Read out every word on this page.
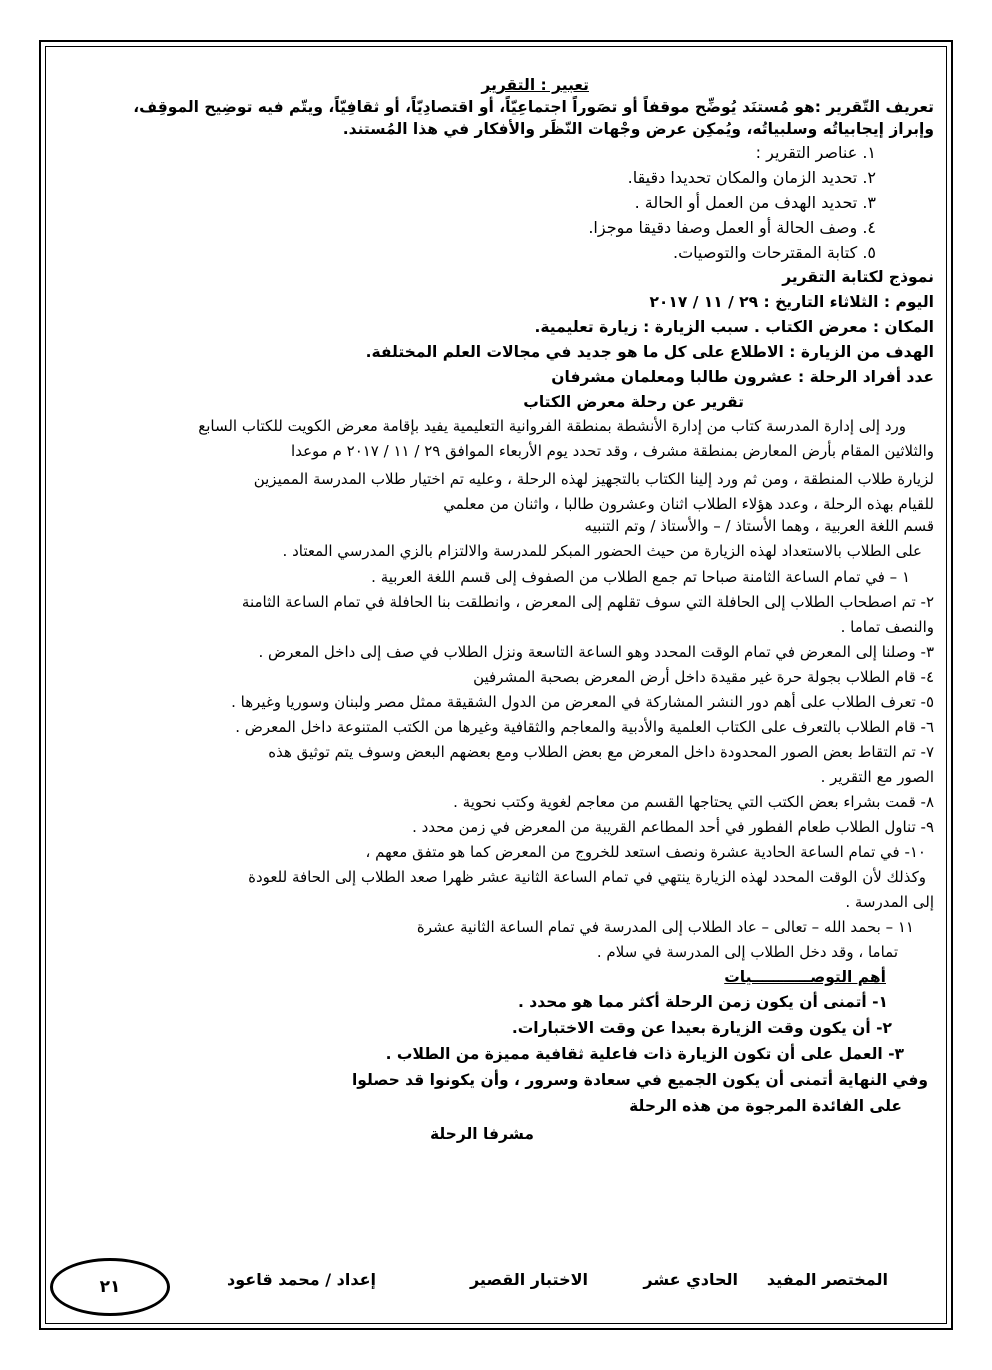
تعبير : التقرير
تعريف التّقرير :هو مُستنَد يُوضِّح موقفاً أو تصَوراً اجتماعِيّاً، أو اقتصادِيّاً، أو ثقافِيّاً، ويتّم فيه توضِيح الموقِف،
وإبراز إيجابياتُه وسلبياتُه، ويُمكِن عرض وجْهات النّظَر والأفكار في هذا المُستند.
١. عناصر التقرير :
٢. تحديد الزمان والمكان تحديدا دقيقا.
٣. تحديد الهدف من العمل أو الحالة .
٤. وصف الحالة أو العمل وصفا دقيقا موجزا.
٥. كتابة المقترحات والتوصيات.
نموذج لكتابة التقرير
اليوم : الثلاثاء التاريخ : ٢٩ / ١١ / ٢٠١٧
المكان : معرض الكتاب . سبب الزيارة : زيارة تعليمية.
الهدف من الزيارة : الاطلاع على كل ما هو جديد في مجالات العلم المختلفة.
عدد أفراد الرحلة : عشرون طالبا ومعلمان مشرفان
تقرير عن رحلة معرض الكتاب
ورد إلى إدارة المدرسة كتاب من إدارة الأنشطة بمنطقة الفروانية التعليمية يفيد بإقامة معرض الكويت للكتاب السابع
والثلاثين المقام بأرض المعارض بمنطقة مشرف ، وقد تحدد يوم الأربعاء الموافق ٢٩ / ١١ / ٢٠١٧ م موعدا
لزيارة طلاب المنطقة ، ومن ثم ورد إلينا الكتاب بالتجهيز لهذه الرحلة ، وعليه تم اختيار طلاب المدرسة المميزين
للقيام بهذه الرحلة ، وعدد هؤلاء الطلاب اثنان وعشرون طالبا ، واثنان من معلمي
قسم اللغة العربية ، وهما الأستاذ / – والأستاذ / وتم التنبيه
على الطلاب بالاستعداد لهذه الزيارة من حيث الحضور المبكر للمدرسة والالتزام بالزي المدرسي المعتاد .
١ – في تمام الساعة الثامنة صباحا تم جمع الطلاب من الصفوف إلى قسم اللغة العربية .
٢- تم اصطحاب الطلاب إلى الحافلة التي سوف تقلهم إلى المعرض ، وانطلقت بنا الحافلة في تمام الساعة الثامنة
والنصف تماما .
٣- وصلنا إلى المعرض في تمام الوقت المحدد وهو الساعة التاسعة ونزل الطلاب في صف إلى داخل المعرض .
٤- قام الطلاب بجولة حرة غير مقيدة داخل أرض المعرض بصحبة المشرفين
٥- تعرف الطلاب على أهم دور النشر المشاركة في المعرض من الدول الشقيقة ممثل مصر ولبنان وسوريا وغيرها .
٦- قام الطلاب بالتعرف على الكتاب العلمية والأدبية والمعاجم والثقافية وغيرها من الكتب المتنوعة داخل المعرض .
٧- تم التقاط بعض الصور المحدودة داخل المعرض مع بعض الطلاب ومع بعضهم البعض وسوف يتم توثيق هذه
الصور مع التقرير .
٨- قمت بشراء بعض الكتب التي يحتاجها القسم من معاجم لغوية وكتب نحوية .
٩- تناول الطلاب طعام الفطور في أحد المطاعم القريبة من المعرض في زمن محدد .
١٠- في تمام الساعة الحادية عشرة ونصف استعد للخروج من المعرض كما هو متفق معهم ،
وكذلك لأن الوقت المحدد لهذه الزيارة ينتهي في تمام الساعة الثانية عشر ظهرا صعد الطلاب إلى الحافة للعودة
إلى المدرسة .
١١ – بحمد الله – تعالى – عاد الطلاب إلى المدرسة في تمام الساعة الثانية عشرة
تماما ، وقد دخل الطلاب إلى المدرسة في سلام .
أهم التوصـــــــــــيات
١- أتمنى أن يكون زمن الرحلة أكثر مما هو محدد .
٢- أن يكون وقت الزيارة بعيدا عن وقت الاختبارات.
٣- العمل على أن تكون الزيارة ذات فاعلية ثقافية مميزة من الطلاب .
وفي النهاية أتمنى أن يكون الجميع في سعادة وسرور ، وأن يكونوا قد حصلوا
على الفائدة المرجوة من هذه الرحلة
مشرفا الرحلة
المختصر المفيد
الحادي عشر
الاختبار القصير
إعداد / محمد قاعود
٢١
